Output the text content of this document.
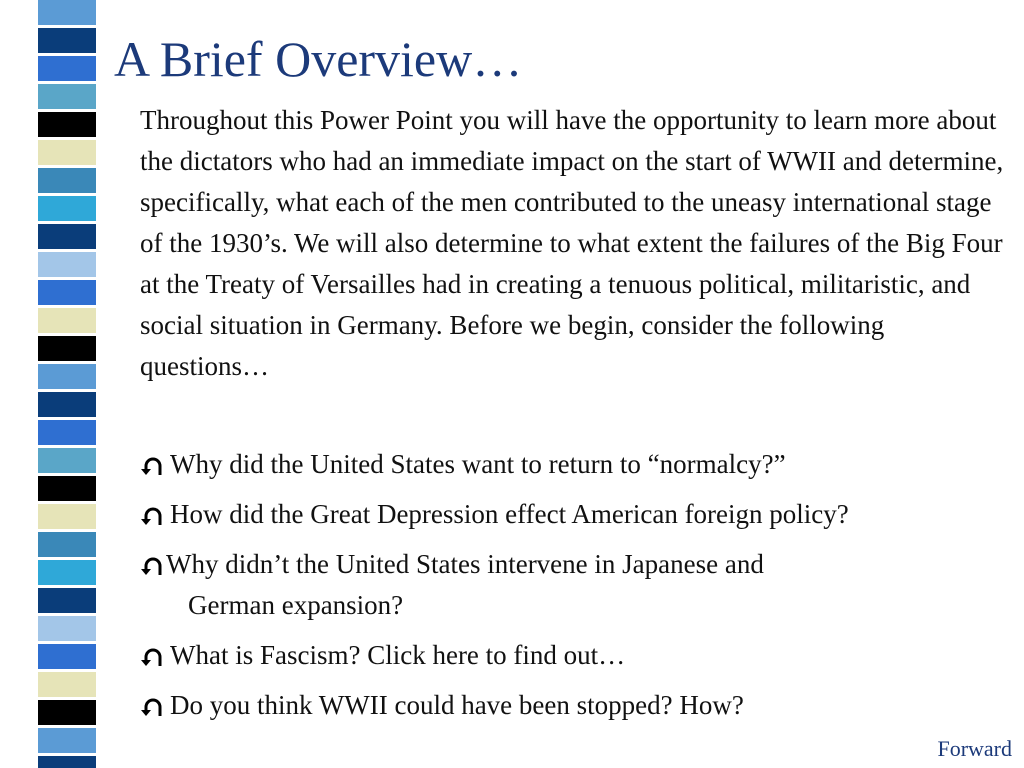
A Brief Overview…

Throughout this Power Point you will have the opportunity to learn more about the dictators who had an immediate impact on the start of WWII and determine, specifically, what each of the men contributed to the uneasy international stage of the 1930’s. We will also determine to what extent the failures of the Big Four at the Treaty of Versailles had in creating a tenuous political, militaristic, and social situation in Germany. Before we begin, consider the following questions…

Why did the United States want to return to “normalcy?”
How did the Great Depression effect American foreign policy?
Why didn’t the United States intervene in Japanese and
German expansion?
What is Fascism? Click here to find out…
Do you think WWII could have been stopped? How?
Forward
